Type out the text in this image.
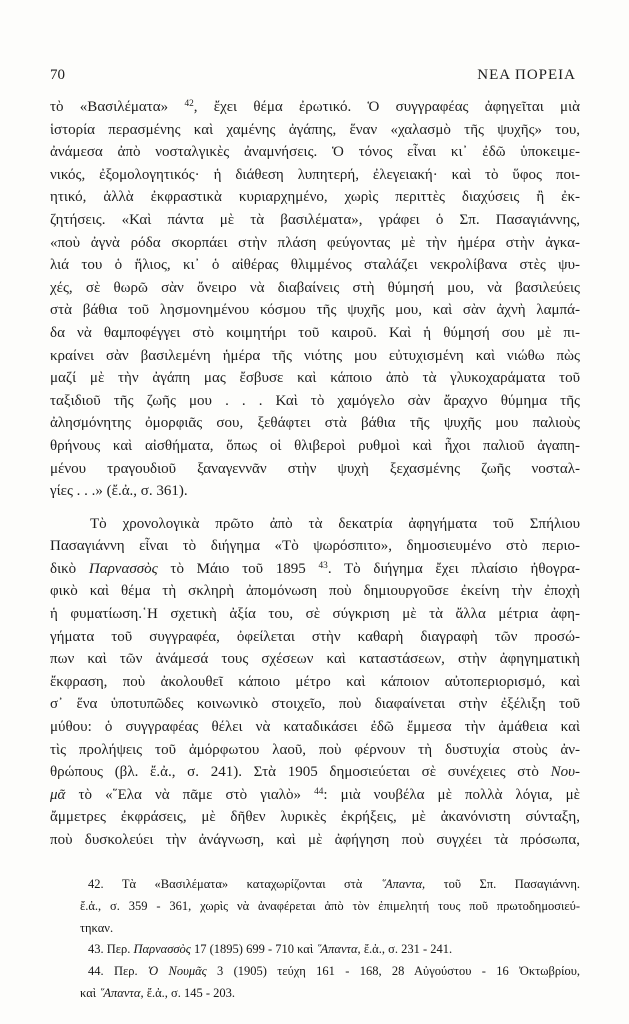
70	ΝΕΑ ΠΟΡΕΙΑ
τὸ «Βασιλέματα» $^{42}$, ἔχει θέμα ἐρωτικό. Ὁ συγγραφέας ἀφηγεῖται μιὰ
ἱστορία περασμένης καὶ χαμένης ἀγάπης, ἕναν «χαλασμὸ τῆς ψυχῆς» του,
ἀνάμεσα ἀπὸ νοσταλγικὲς ἀναμνήσεις. Ὁ τόνος εἶναι κι᾽ ἐδῶ ὑποκειμε-
νικός, ἐξομολογητικός· ἡ διάθεση λυπητερή, ἐλεγειακή· καὶ τὸ ὕφος ποι-
ητικό, ἀλλὰ ἐκφραστικὰ κυριαρχημένο, χωρὶς περιττὲς διαχύσεις ἢ ἐκ-
ζητήσεις. «Καὶ πάντα μὲ τὰ βασιλέματα», γράφει ὁ Σπ. Πασαγιάννης,
«ποὺ ἀγνὰ ρόδα σκορπάει στὴν πλάση φεύγοντας μὲ τὴν ἡμέρα στὴν ἀγκα-
λιά του ὁ ἥλιος, κι᾽ ὁ αἰθέρας θλιμμένος σταλάζει νεκρολίβανα στὲς ψυ-
χές, σὲ θωρῶ σὰν ὄνειρο νὰ διαβαίνεις στὴ θύμησή μου, νὰ βασιλεύεις
στὰ βάθια τοῦ λησμονημένου κόσμου τῆς ψυχῆς μου, καὶ σὰν ἀχνὴ λαμπά-
δα νὰ θαμποφέγγει στὸ κοιμητήρι τοῦ καιροῦ. Καὶ ἡ θύμησή σου μὲ πι-
κραίνει σὰν βασιλεμένη ἡμέρα τῆς νιότης μου εὐτυχισμένη καὶ νιώθω πὼς
μαζί μὲ τὴν ἀγάπη μας ἔσβυσε καὶ κάποιο ἀπὸ τὰ γλυκοχαράματα τοῦ
ταξιδιοῦ τῆς ζωῆς μου . . . Καὶ τὸ χαμόγελο σὰν ἄραχνο θύμημα τῆς
ἀλησμόνητης ὀμορφιᾶς σου, ξεθάφτει στὰ βάθια τῆς ψυχῆς μου παλιοὺς
θρήνους καὶ αἰσθήματα, ὅπως οἱ θλιβεροὶ ρυθμοὶ καὶ ἦχοι παλιοῦ ἀγαπη-
μένου τραγουδιοῦ ξαναγεννᾶν στὴν ψυχὴ ξεχασμένης ζωῆς νοσταλ-
γίες . . .» (ἔ.ἀ., σ. 361).
Τὸ χρονολογικὰ πρῶτο ἀπὸ τὰ δεκατρία ἀφηγήματα τοῦ Σπήλιου
Πασαγιάννη εἶναι τὸ διήγημα «Τὸ ψωρόσπιτο», δημοσιευμένο στὸ περιο-
δικὸ Παρνασσὸς τὸ Μάιο τοῦ 1895 $^{43}$. Τὸ διήγημα ἔχει πλαίσιο ἠθογρα-
φικὸ καὶ θέμα τὴ σκληρὴ ἀπομόνωση ποὺ δημιουργοῦσε ἐκείνη τὴν ἐποχὴ
ἡ φυματίωση.῾Η σχετικὴ ἀξία του, σὲ σύγκριση μὲ τὰ ἄλλα μέτρια ἀφη-
γήματα τοῦ συγγραφέα, ὀφείλεται στὴν καθαρὴ διαγραφὴ τῶν προσώ-
πων καὶ τῶν ἀνάμεσά τους σχέσεων καὶ καταστάσεων, στὴν ἀφηγηματικὴ
ἔκφραση, ποὺ ἀκολουθεῖ κάποιο μέτρο καὶ κάποιον αὐτοπεριορισμό, καὶ
σ᾽ ἕνα ὑποτυπῶδες κοινωνικὸ στοιχεῖο, ποὺ διαφαίνεται στὴν ἐξέλιξη τοῦ
μύθου: ὁ συγγραφέας θέλει νὰ καταδικάσει ἐδῶ ἔμμεσα τὴν ἀμάθεια καὶ
τὶς προλήψεις τοῦ ἀμόρφωτου λαοῦ, ποὺ φέρνουν τὴ δυστυχία στοὺς ἀν-
θρώπους (βλ. ἔ.ἀ., σ. 241). Στὰ 1905 δημοσιεύεται σὲ συνέχειες στὸ Νου-
μᾶ τὸ «῞Ελα νὰ πᾶμε στὸ γιαλὸ» $^{44}$: μιὰ νουβέλα μὲ πολλὰ λόγια, μὲ
ἄμμετρες ἐκφράσεις, μὲ δῆθεν λυρικὲς ἐκρήξεις, μὲ ἀκανόνιστη σύνταξη,
ποὺ δυσκολεύει τὴν ἀνάγνωση, καὶ μὲ ἀφήγηση ποὺ συγχέει τὰ πρόσωπα,
42. Τὰ «Βασιλέματα» καταχωρίζονται στὰ ῞Απαντα, τοῦ Σπ. Πασαγιάννη.
ἔ.ἀ., σ. 359 - 361, χωρὶς νὰ ἀναφέρεται ἀπὸ τὸν ἐπιμελητή τους ποῦ πρωτοδημοσιεύ-
τηκαν.
43. Περ. Παρνασσὸς 17 (1895) 699 - 710 καὶ ῞Απαντα, ἔ.ἀ., σ. 231 - 241.
44. Περ. Ὁ Νουμᾶς 3 (1905) τεύχη 161 - 168, 28 Αὐγούστου - 16 Ὀκτωβρίου,
καὶ ῞Απαντα, ἔ.ἀ., σ. 145 - 203.
